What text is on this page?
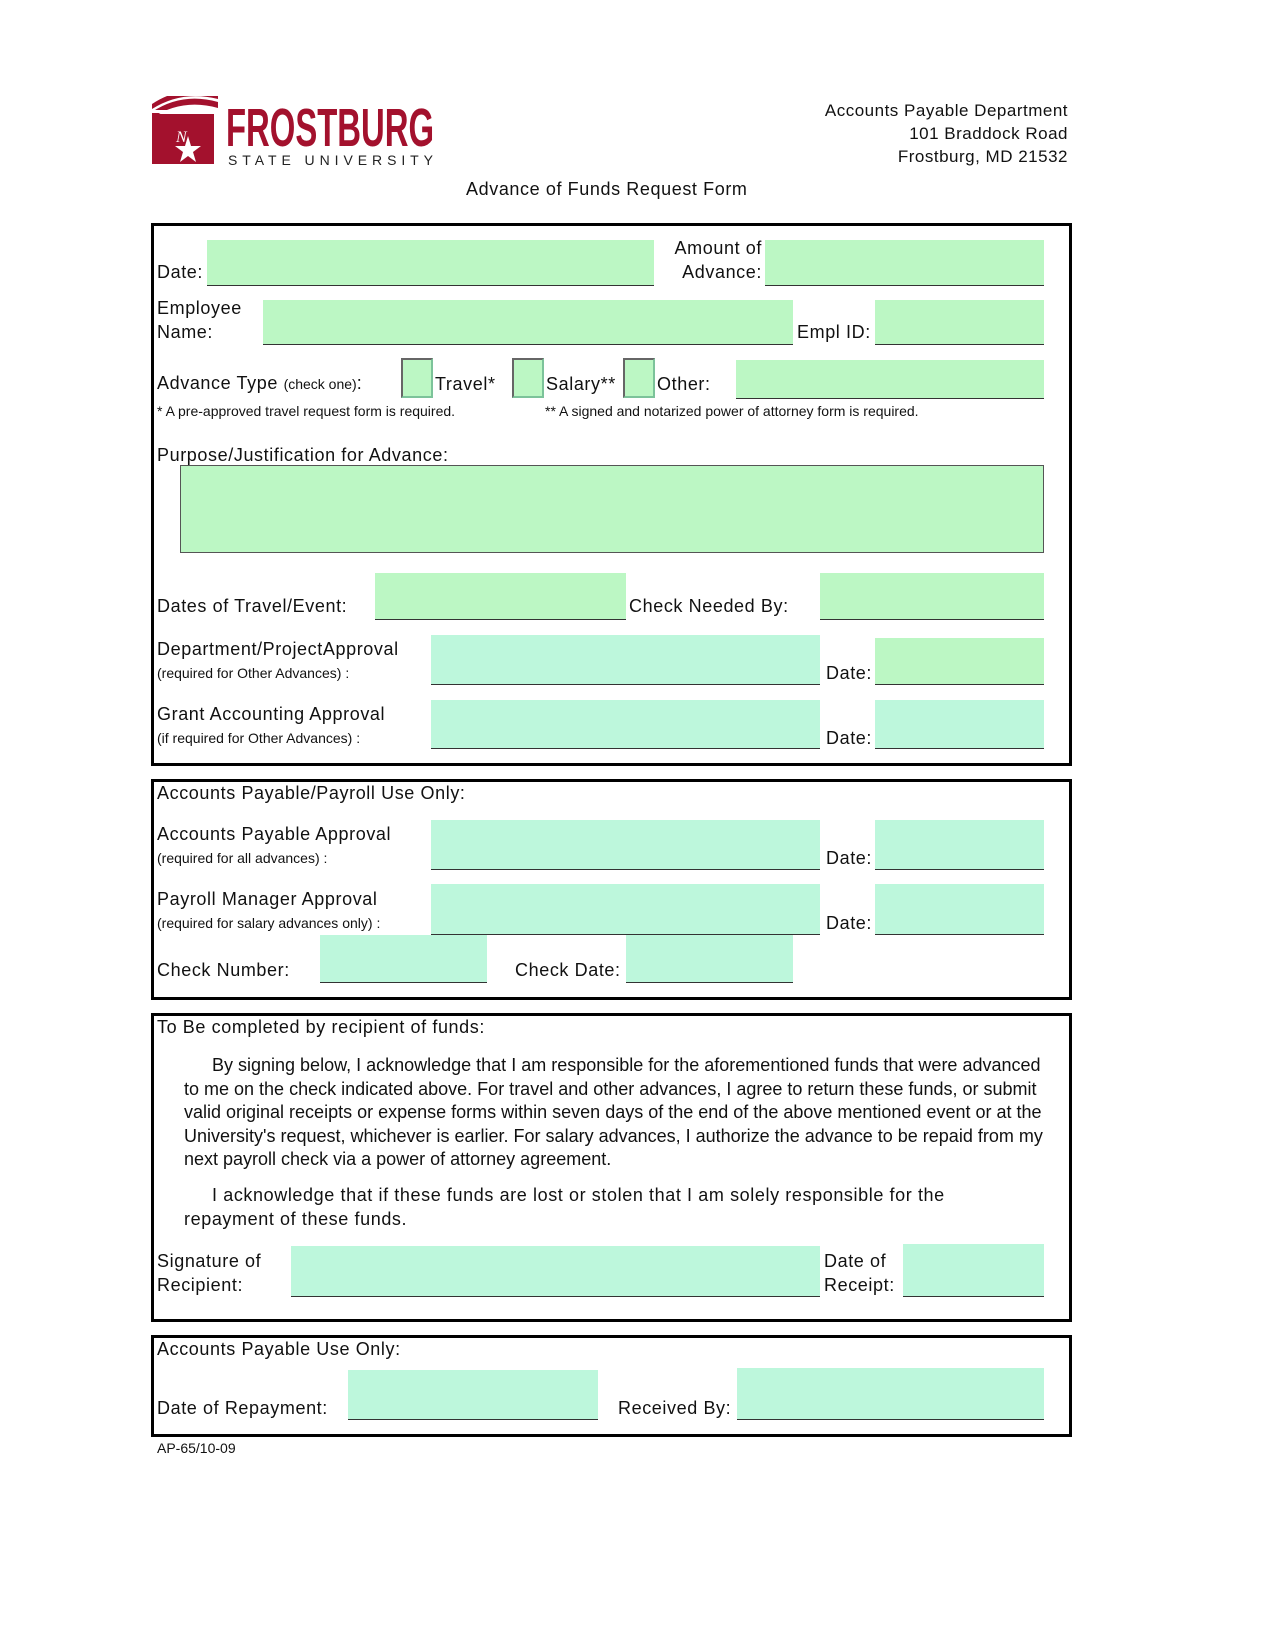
N FROSTBURG
STATE UNIVERSITY
Accounts Payable Department
101 Braddock Road
Frostburg, MD 21532
Advance of Funds Request Form
Date:
Amount of
Advance:
Employee
Name:	Empl ID:
Advance Type (check one):	Travel*	Salary** Other:
* A pre-approved travel request form is required.	** A signed and notarized power of attorney form is required.
Purpose/Justification for Advance:
Dates of Travel/Event:	Check Needed By:
Department/ProjectApproval
(required for Other Advances) :	Date:
Grant Accounting Approval
(if required for Other Advances) :	Date:
Accounts Payable/Payroll Use Only:
Accounts Payable Approval
(required for all advances) :	Date:
Payroll Manager Approval
(required for salary advances only) :	Date:
Check Number:	Check Date:
To Be completed by recipient of funds:

By signing below, I acknowledge that I am responsible for the aforementioned funds that were advanced to me on the check indicated above. For travel and other advances, I agree to return these funds, or submit valid original receipts or expense forms within seven days of the end of the above mentioned event or at the University's request, whichever is earlier. For salary advances, I authorize the advance to be repaid from my next payroll check via a power of attorney agreement.

I acknowledge that if these funds are lost or stolen that I am solely responsible for the repayment of these funds.

Signature of
Recipient:
Date of
Receipt:
Accounts Payable Use Only:
Date of Repayment:	Received By:
AP-65/10-09
